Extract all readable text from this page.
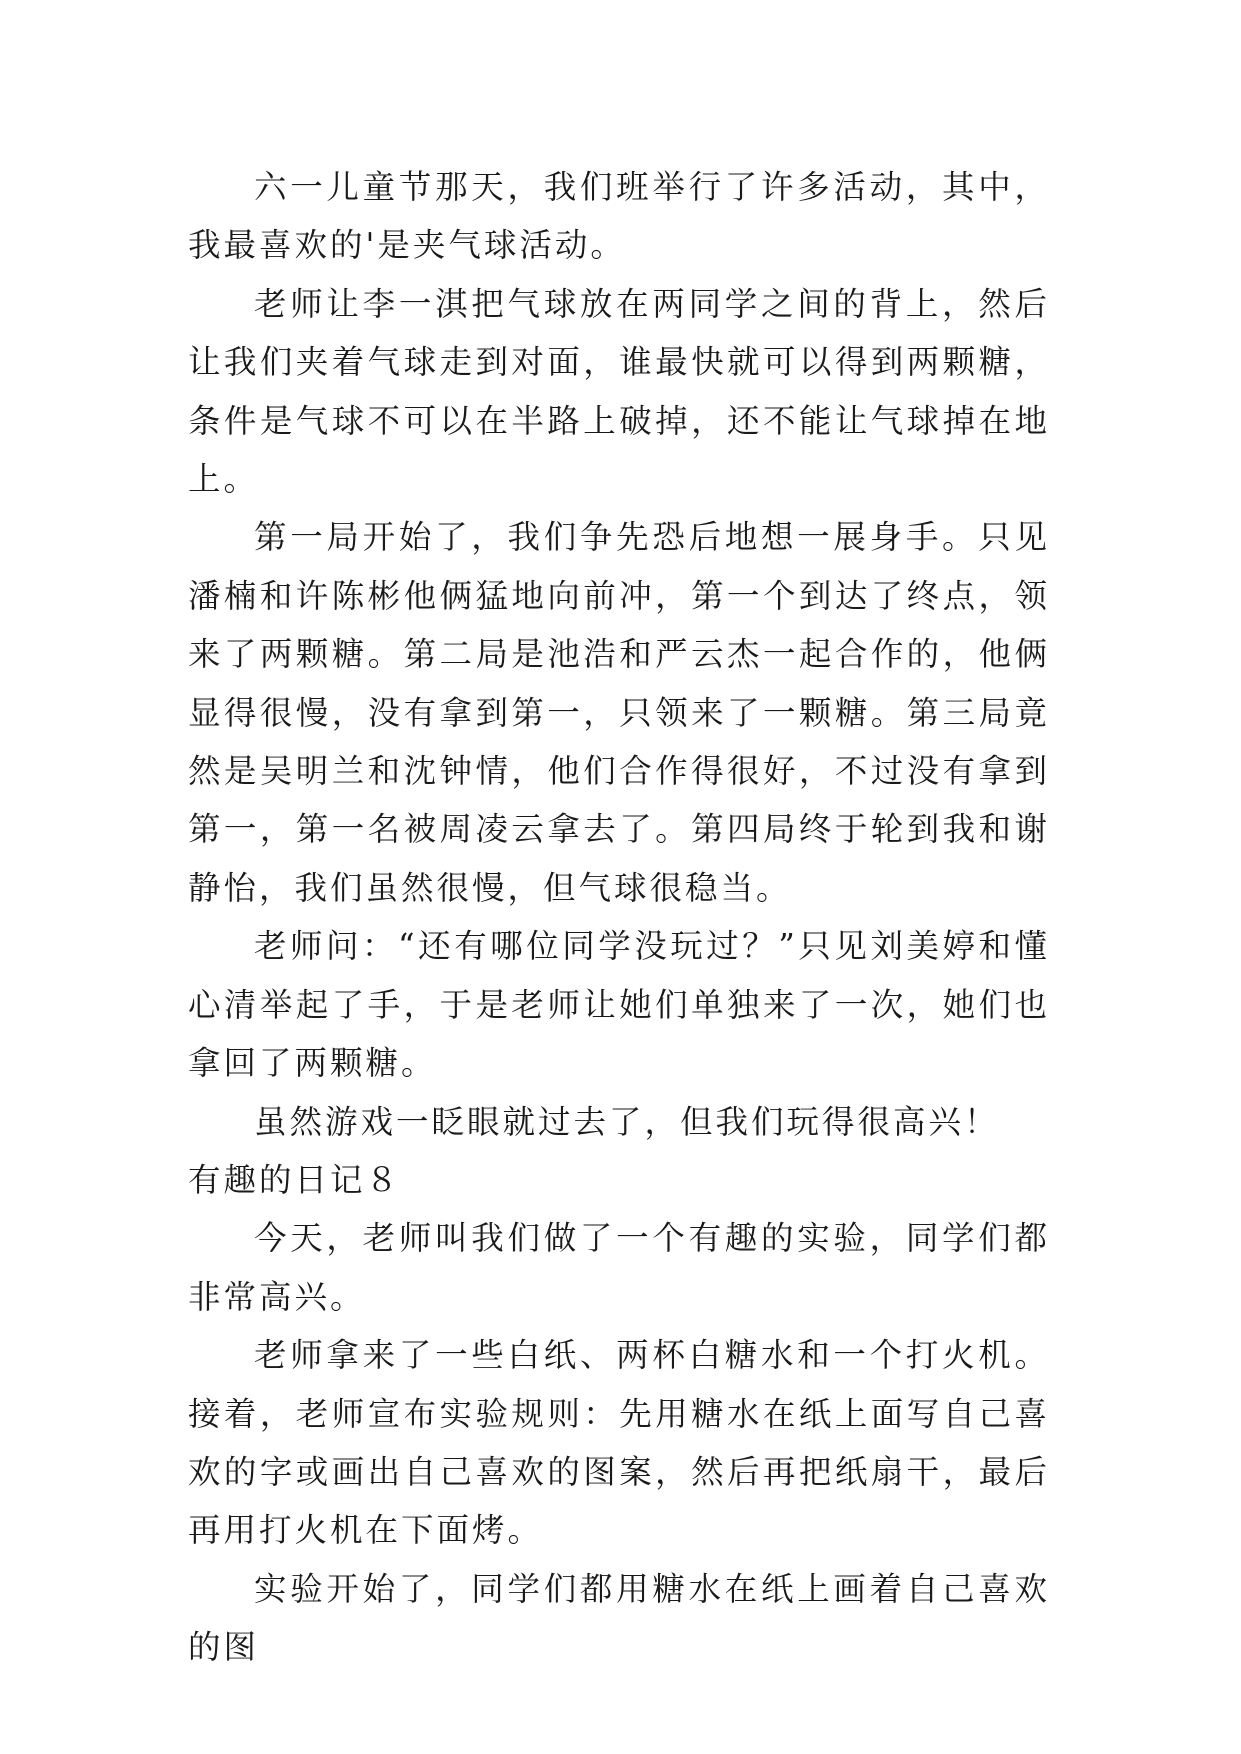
六一儿童节那天，我们班举行了许多活动，其中，我最喜欢的'是夹气球活动。

老师让李一淇把气球放在两同学之间的背上，然后让我们夹着气球走到对面，谁最快就可以得到两颗糖，条件是气球不可以在半路上破掉，还不能让气球掉在地上。

第一局开始了，我们争先恐后地想一展身手。只见潘楠和许陈彬他俩猛地向前冲，第一个到达了终点，领来了两颗糖。第二局是池浩和严云杰一起合作的，他俩显得很慢，没有拿到第一，只领来了一颗糖。第三局竟然是吴明兰和沈钟情，他们合作得很好，不过没有拿到第一，第一名被周凌云拿去了。第四局终于轮到我和谢静怡，我们虽然很慢，但气球很稳当。

老师问：“还有哪位同学没玩过？”只见刘美婷和懂心清举起了手，于是老师让她们单独来了一次，她们也拿回了两颗糖。

虽然游戏一眨眼就过去了，但我们玩得很高兴！

有趣的日记８

今天，老师叫我们做了一个有趣的实验，同学们都非常高兴。

老师拿来了一些白纸、两杯白糖水和一个打火机。接着，老师宣布实验规则：先用糖水在纸上面写自己喜欢的字或画出自己喜欢的图案，然后再把纸扇干，最后再用打火机在下面烤。

实验开始了，同学们都用糖水在纸上画着自己喜欢的图
